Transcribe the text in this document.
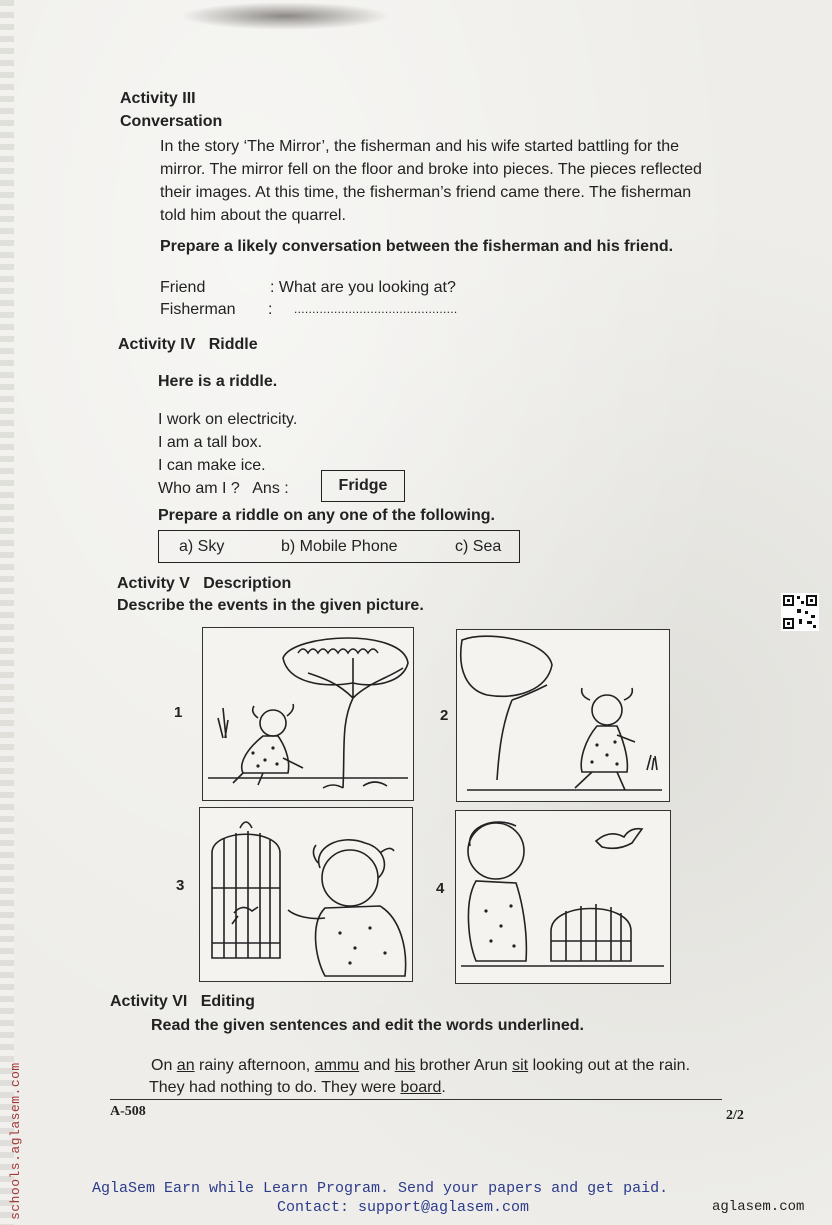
Activity III
Conversation
In the story ‘The Mirror’, the fisherman and his wife started battling for the
mirror. The mirror fell on the floor and broke into pieces. The pieces reflected
their images. At this time, the fisherman’s friend came there. The fisherman
told him about the quarrel.
Prepare a likely conversation between the fisherman and his friend.
Friend	: What are you looking at?
Fisherman : .............................................
Activity IV   Riddle
Here is a riddle.
I work on electricity.
I am a tall box.
I can make ice.
Who am I ?   Ans :	Fridge
Prepare a riddle on any one of the following.
a) Sky	b) Mobile Phone	c) Sea
Activity V   Description
Describe the events in the given picture.
1	2
3	4
Activity VI   Editing
Read the given sentences and edit the words underlined.
On an rainy afternoon, ammu and his brother Arun sit looking out at the rain.
They had nothing to do. They were board.
A-508	2/2
AglaSem Earn while Learn Program. Send your papers and get paid.
Contact: support@aglasem.com	aglasem.com
schools.aglasem.com
